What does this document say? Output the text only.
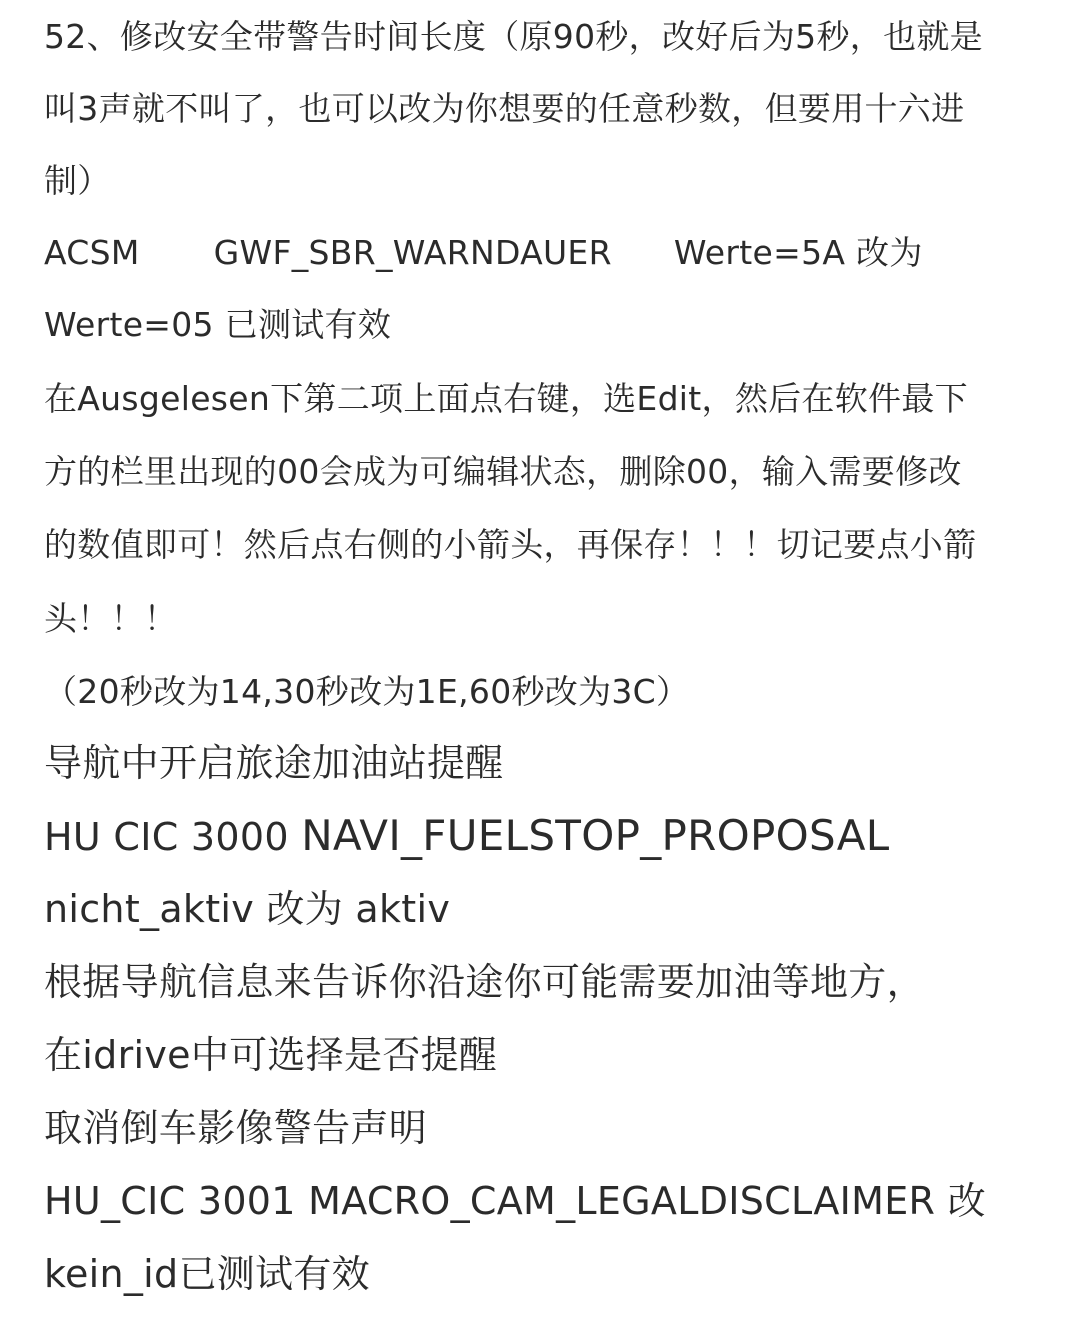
52、修改安全带警告时间长度（原90秒，改好后为5秒，也就是
叫3声就不叫了，也可以改为你想要的任意秒数，但要用十六进
制）
ACSM GWF_SBR_WARNDAUER Werte=5A 改为
Werte=05 已测试有效
在Ausgelesen下第二项上面点右键，选Edit，然后在软件最下
方的栏里出现的00会成为可编辑状态，删除00，输入需要修改
的数值即可！然后点右侧的小箭头，再保存！！！切记要点小箭
头！！！
（20秒改为14,30秒改为1E,60秒改为3C）
导航中开启旅途加油站提醒
HU CIC 3000 NAVI_FUELSTOP_PROPOSAL
nicht_aktiv 改为 aktiv
根据导航信息来告诉你沿途你可能需要加油等地方，
在idrive中可选择是否提醒
取消倒车影像警告声明
HU_CIC 3001 MACRO_CAM_LEGALDISCLAIMER 改
kein_id已测试有效
